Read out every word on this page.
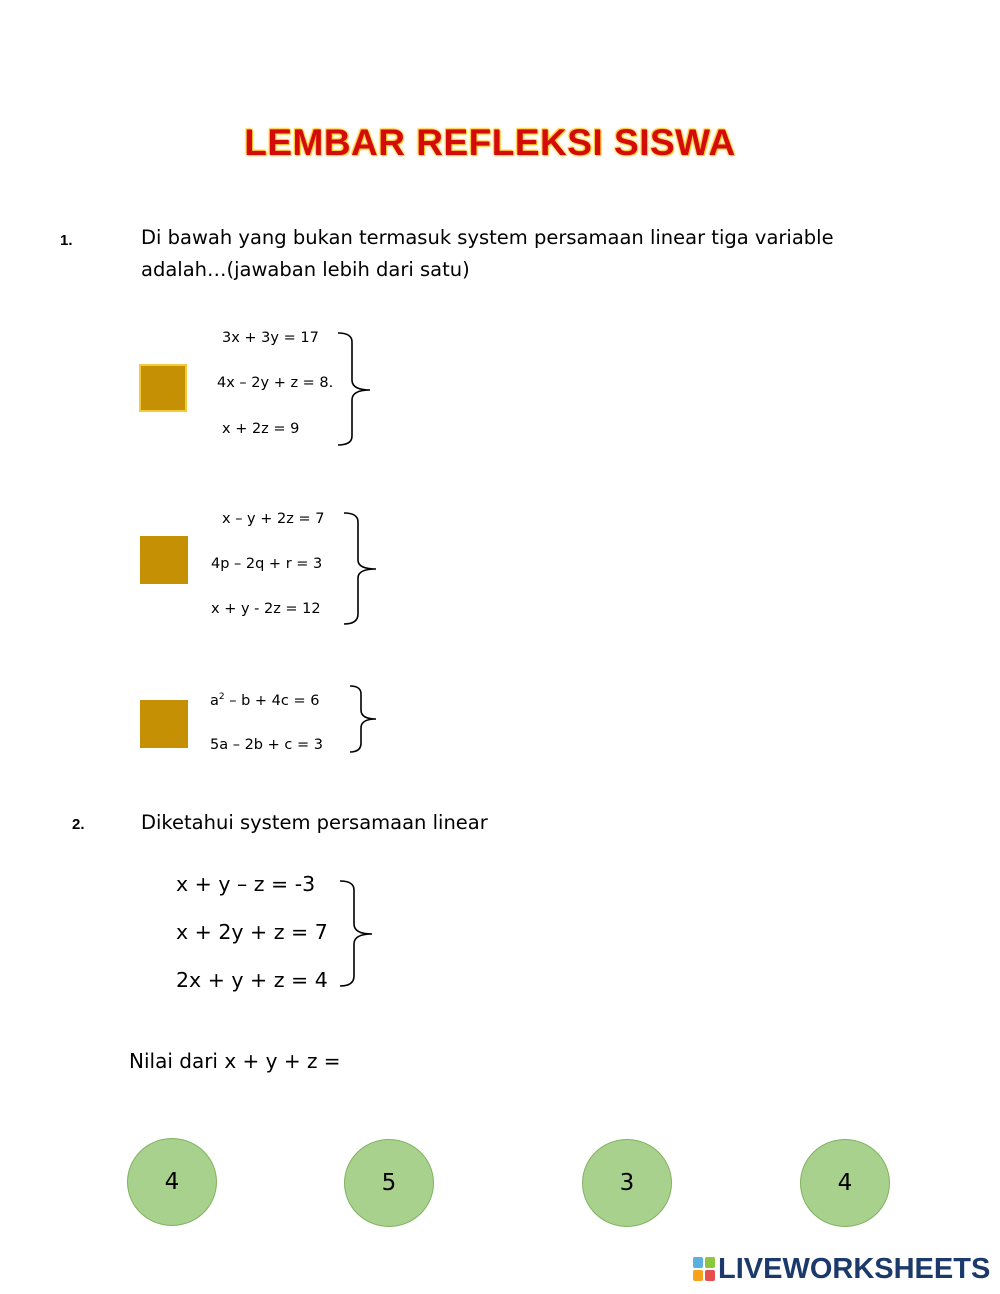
LEMBAR REFLEKSI SISWA
1.	Di bawah yang bukan termasuk system persamaan linear tiga variable
adalah…(jawaban lebih dari satu)
3x + 3y = 17
4x – 2y + z = 8.
x + 2z = 9
x – y + 2z = 7
4p – 2q + r = 3
x + y - 2z = 12
$a^2 - b + 4c = 6$
5a – 2b + c = 3
2.	Diketahui system persamaan linear
x + y – z = -3
x + 2y + z = 7
2x + y + z = 4
Nilai dari x + y + z =
4	5	3	4
LIVEWORKSHEETS
